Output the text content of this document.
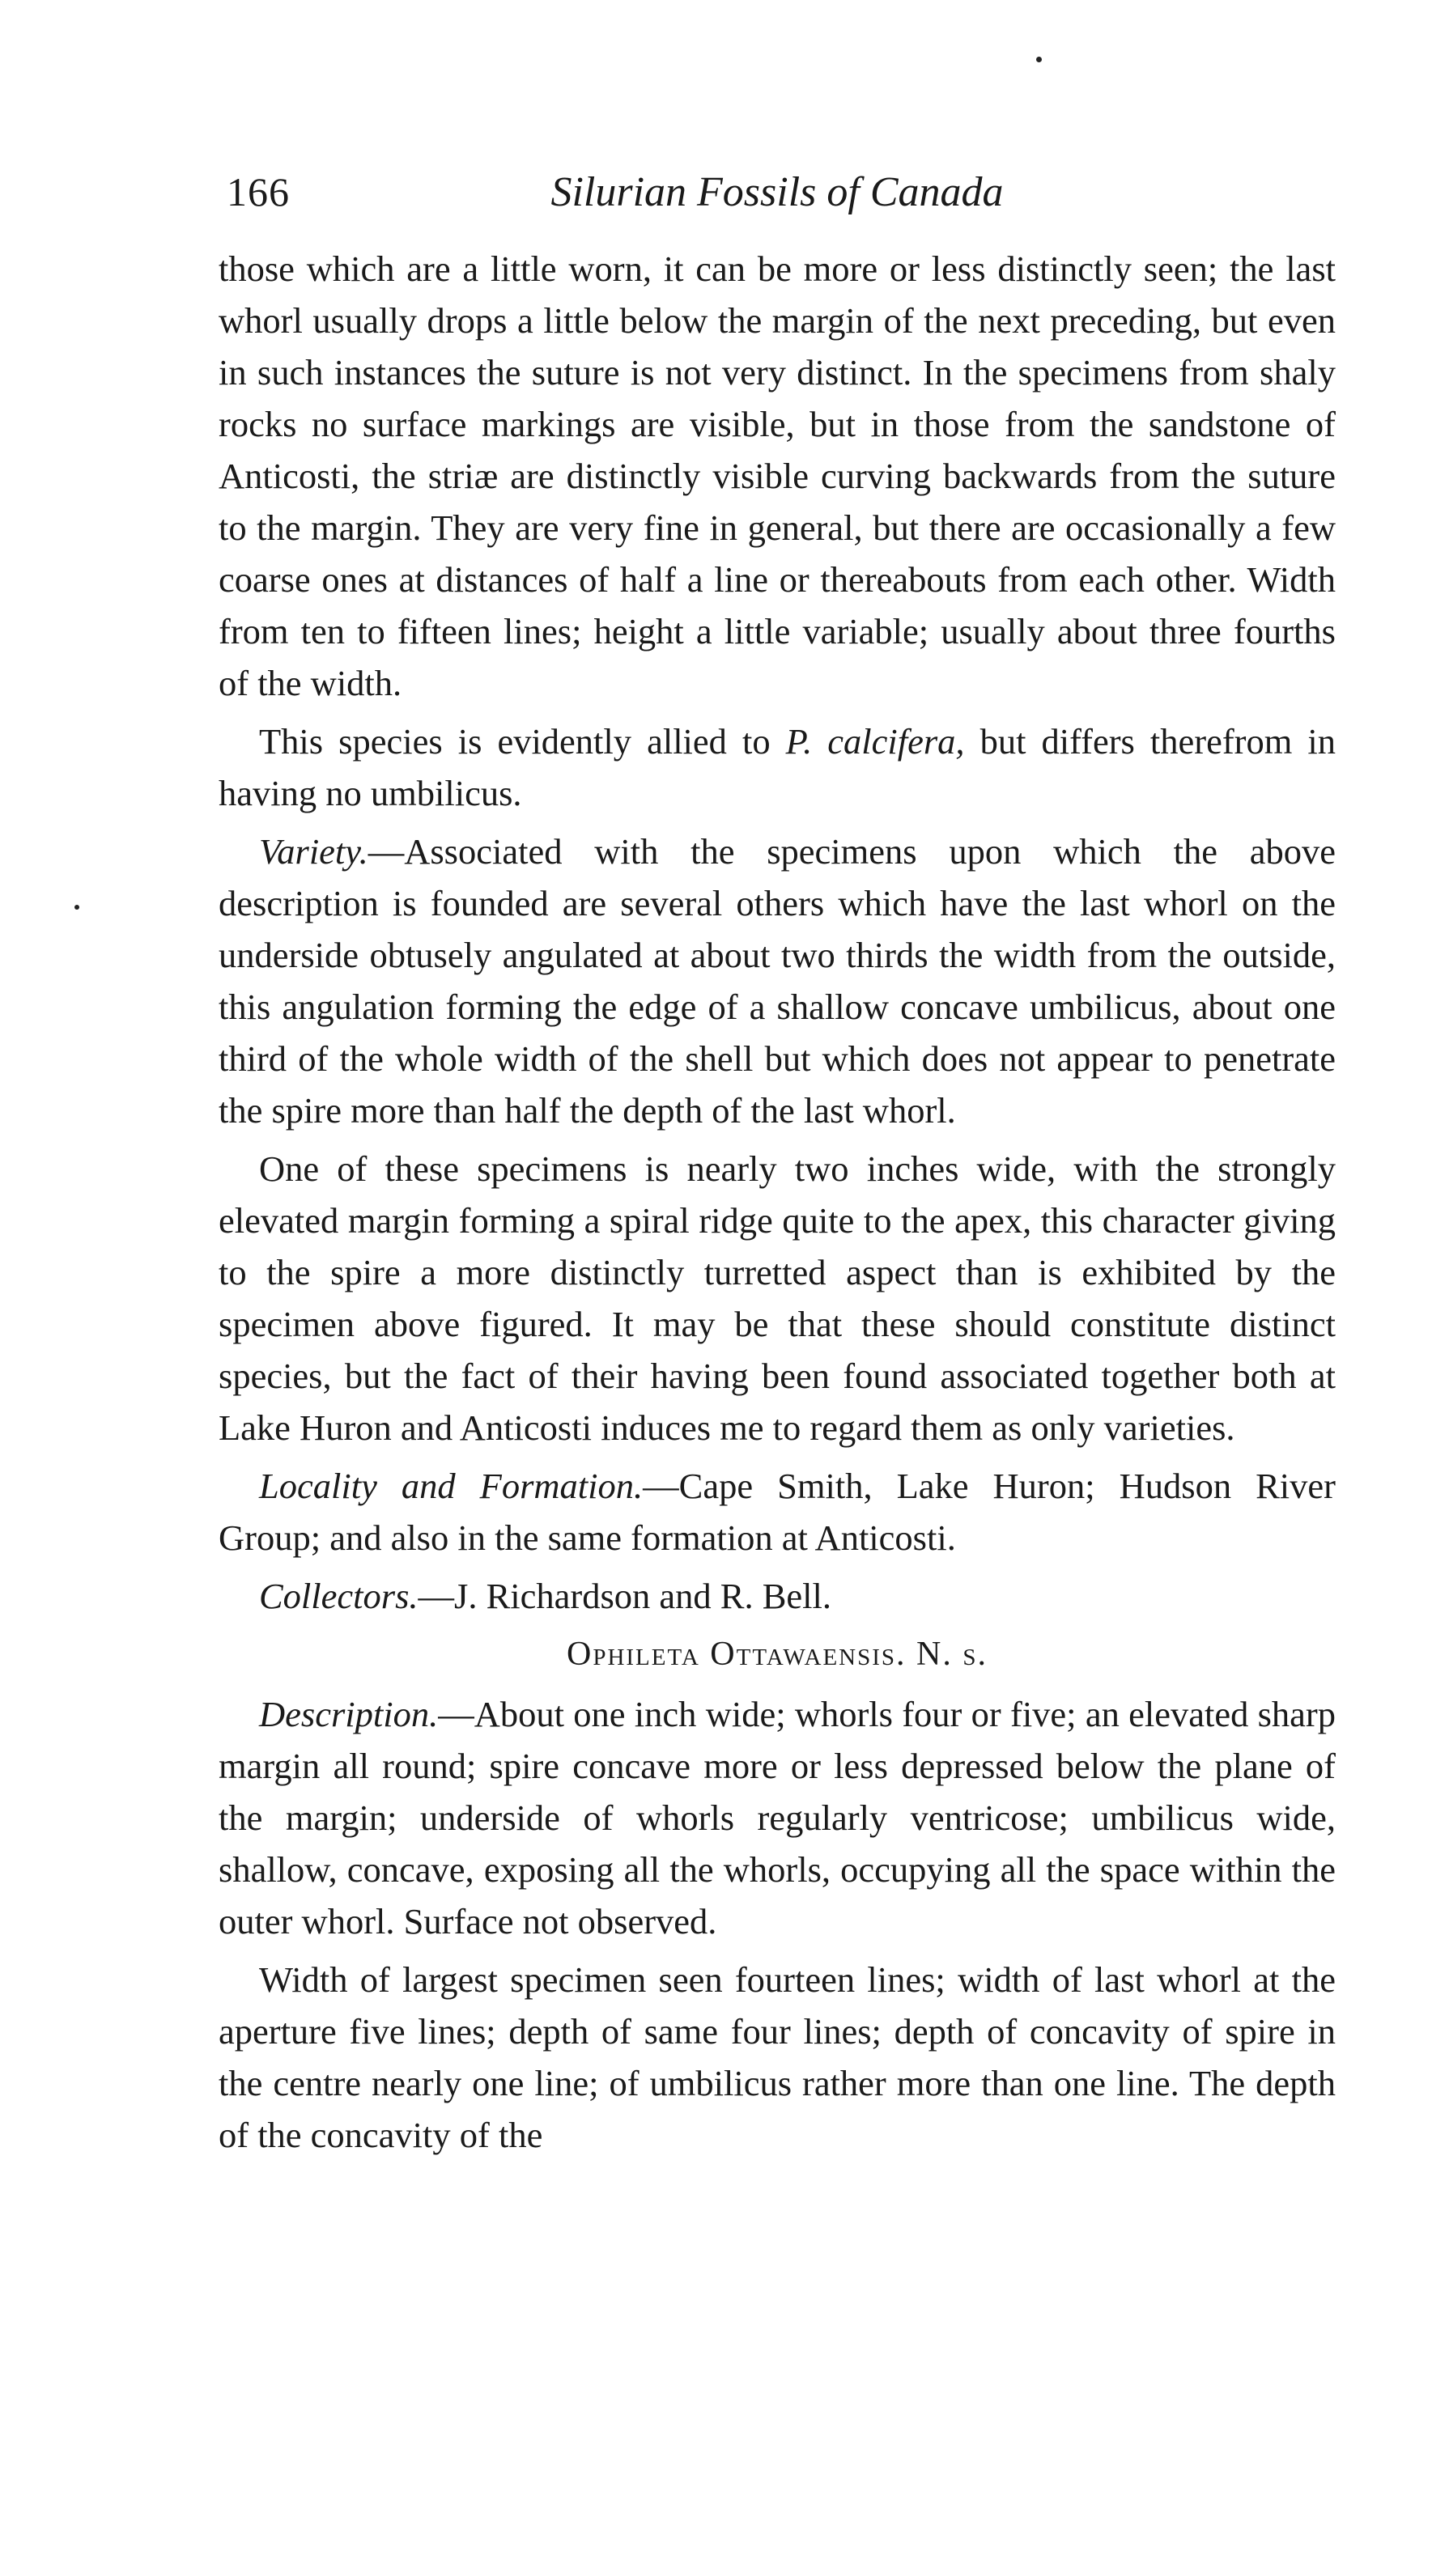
166	Silurian Fossils of Canada

those which are a little worn, it can be more or less distinctly seen; the last whorl usually drops a little below the margin of the next preceding, but even in such instances the suture is not very distinct. In the specimens from shaly rocks no surface markings are visible, but in those from the sandstone of Anticosti, the striæ are distinctly visible curving backwards from the suture to the margin. They are very fine in general, but there are occasionally a few coarse ones at distances of half a line or thereabouts from each other. Width from ten to fifteen lines; height a little variable; usually about three fourths of the width.

This species is evidently allied to P. calcifera, but differs therefrom in having no umbilicus.

Variety.—Associated with the specimens upon which the above description is founded are several others which have the last whorl on the underside obtusely angulated at about two thirds the width from the outside, this angulation forming the edge of a shallow concave umbilicus, about one third of the whole width of the shell but which does not appear to penetrate the spire more than half the depth of the last whorl.

One of these specimens is nearly two inches wide, with the strongly elevated margin forming a spiral ridge quite to the apex, this character giving to the spire a more distinctly turretted aspect than is exhibited by the specimen above figured. It may be that these should constitute distinct species, but the fact of their having been found associated together both at Lake Huron and Anticosti induces me to regard them as only varieties.

Locality and Formation.—Cape Smith, Lake Huron; Hudson River Group; and also in the same formation at Anticosti.

Collectors.—J. Richardson and R. Bell.

Ophileta Ottawaensis. N. s.

Description.—About one inch wide; whorls four or five; an elevated sharp margin all round; spire concave more or less depressed below the plane of the margin; underside of whorls regularly ventricose; umbilicus wide, shallow, concave, exposing all the whorls, occupying all the space within the outer whorl. Surface not observed.

Width of largest specimen seen fourteen lines; width of last whorl at the aperture five lines; depth of same four lines; depth of concavity of spire in the centre nearly one line; of umbilicus rather more than one line. The depth of the concavity of the
